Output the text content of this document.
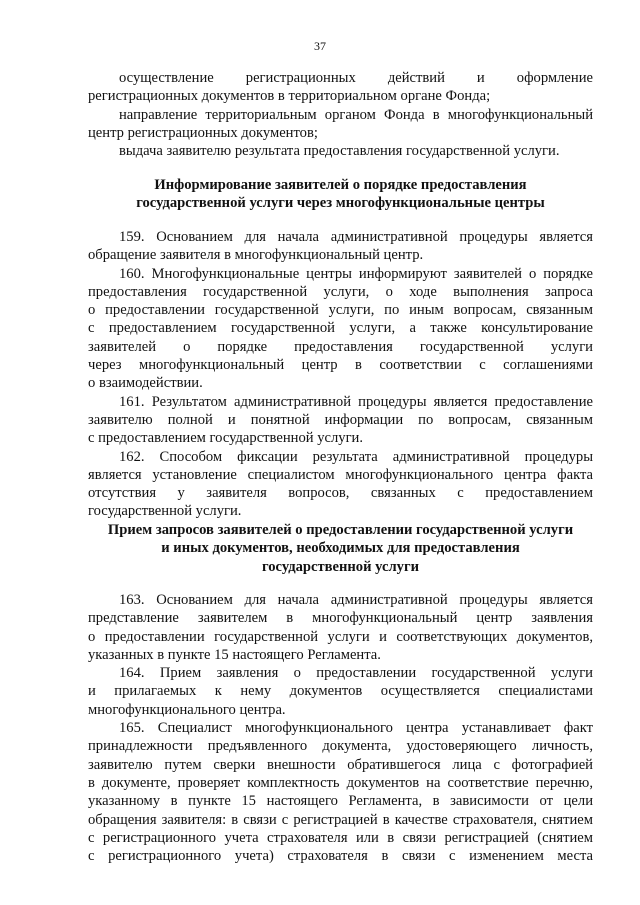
37
осуществление регистрационных действий и оформление
регистрационных документов в территориальном органе Фонда;
направление территориальным органом Фонда в многофункциональный
центр регистрационных документов;
выдача заявителю результата предоставления государственной услуги.
Информирование заявителей о порядке предоставления
государственной услуги через многофункциональные центры
159. Основанием для начала административной процедуры является
обращение заявителя в многофункциональный центр.
160. Многофункциональные центры информируют заявителей о порядке
предоставления государственной услуги, о ходе выполнения запроса
о предоставлении государственной услуги, по иным вопросам, связанным
с предоставлением государственной услуги, а также консультирование
заявителей о порядке предоставления государственной услуги
через многофункциональный центр в соответствии с соглашениями
о взаимодействии.
161. Результатом административной процедуры является предоставление
заявителю полной и понятной информации по вопросам, связанным
с предоставлением государственной услуги.
162. Способом фиксации результата административной процедуры
является установление специалистом многофункционального центра факта
отсутствия у заявителя вопросов, связанных с предоставлением
государственной услуги.
Прием запросов заявителей о предоставлении государственной услуги
и иных документов, необходимых для предоставления
государственной услуги
163. Основанием для начала административной процедуры является
представление заявителем в многофункциональный центр заявления
о предоставлении государственной услуги и соответствующих документов,
указанных в пункте 15 настоящего Регламента.
164. Прием заявления о предоставлении государственной услуги
и прилагаемых к нему документов осуществляется специалистами
многофункционального центра.
165. Специалист многофункционального центра устанавливает факт
принадлежности предъявленного документа, удостоверяющего личность,
заявителю путем сверки внешности обратившегося лица с фотографией
в документе, проверяет комплектность документов на соответствие перечню,
указанному в пункте 15 настоящего Регламента, в зависимости от цели
обращения заявителя: в связи с регистрацией в качестве страхователя, снятием
с регистрационного учета страхователя или в связи регистрацией (снятием
с регистрационного учета) страхователя в связи с изменением места
